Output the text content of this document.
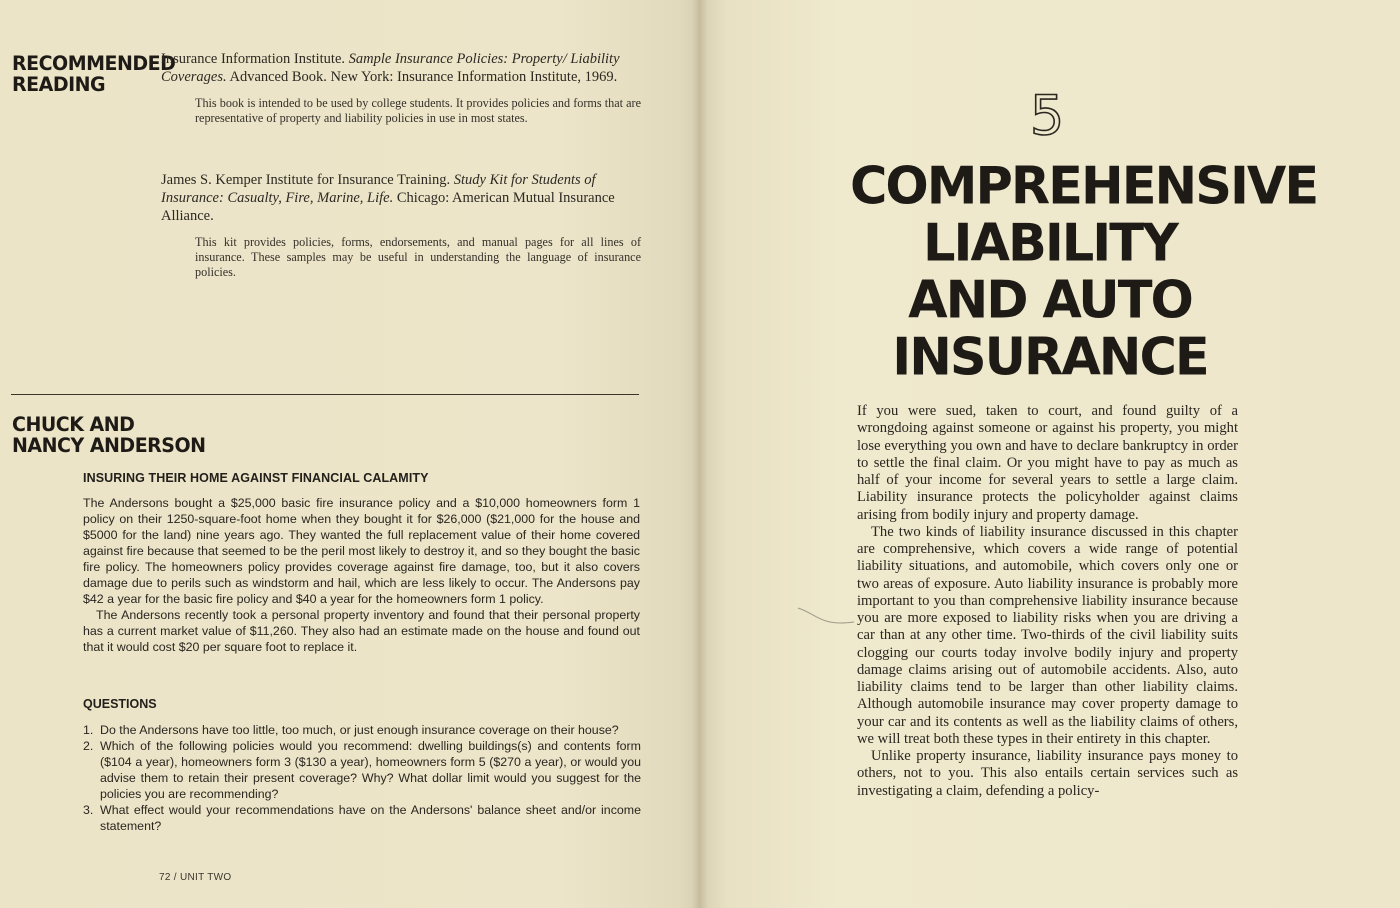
RECOMMENDED
READING

Insurance Information Institute. Sample Insurance Policies: Property/ Liability Coverages. Advanced Book. New York: Insurance Information Institute, 1969.

This book is intended to be used by college students. It provides policies and forms that are representative of property and liability policies in use in most states.

James S. Kemper Institute for Insurance Training. Study Kit for Students of Insurance: Casualty, Fire, Marine, Life. Chicago: American Mutual Insurance Alliance.

This kit provides policies, forms, endorsements, and manual pages for all lines of insurance. These samples may be useful in understanding the language of insurance policies.

CHUCK AND
NANCY ANDERSON
INSURING THEIR HOME AGAINST FINANCIAL CALAMITY

The Andersons bought a $25,000 basic fire insurance policy and a $10,000 homeowners form 1 policy on their 1250-square-foot home when they bought it for $26,000 ($21,000 for the house and $5000 for the land) nine years ago. They wanted the full replacement value of their home covered against fire because that seemed to be the peril most likely to destroy it, and so they bought the basic fire policy. The homeowners policy provides coverage against fire damage, too, but it also covers damage due to perils such as windstorm and hail, which are less likely to occur. The Andersons pay $42 a year for the basic fire policy and $40 a year for the homeowners form 1 policy.

The Andersons recently took a personal property inventory and found that their personal property has a current market value of $11,260. They also had an estimate made on the house and found out that it would cost $20 per square foot to replace it.

QUESTIONS
1. Do the Andersons have too little, too much, or just enough insurance coverage on their house?
2. Which of the following policies would you recommend: dwelling buildings(s) and contents form ($104 a year), homeowners form 3 ($130 a year), homeowners form 5 ($270 a year), or would you advise them to retain their present coverage? Why? What dollar limit would you suggest for the policies you are recommending?
3. What effect would your recommendations have on the Andersons' balance sheet and/or income statement?
72 / UNIT TWO
5
COMPREHENSIVE
LIABILITY
AND AUTO
INSURANCE

If you were sued, taken to court, and found guilty of a wrongdoing against someone or against his property, you might lose everything you own and have to declare bankruptcy in order to settle the final claim. Or you might have to pay as much as half of your income for several years to settle a large claim. Liability insurance protects the policyholder against claims arising from bodily injury and property damage.

The two kinds of liability insurance discussed in this chapter are comprehensive, which covers a wide range of potential liability situations, and automobile, which covers only one or two areas of exposure. Auto liability insurance is probably more important to you than comprehensive liability insurance because you are more exposed to liability risks when you are driving a car than at any other time. Two-thirds of the civil liability suits clogging our courts today involve bodily injury and property damage claims arising out of automobile accidents. Also, auto liability claims tend to be larger than other liability claims. Although automobile insurance may cover property damage to your car and its contents as well as the liability claims of others, we will treat both these types in their entirety in this chapter.

Unlike property insurance, liability insurance pays money to others, not to you. This also entails certain services such as investigating a claim, defending a policy-
